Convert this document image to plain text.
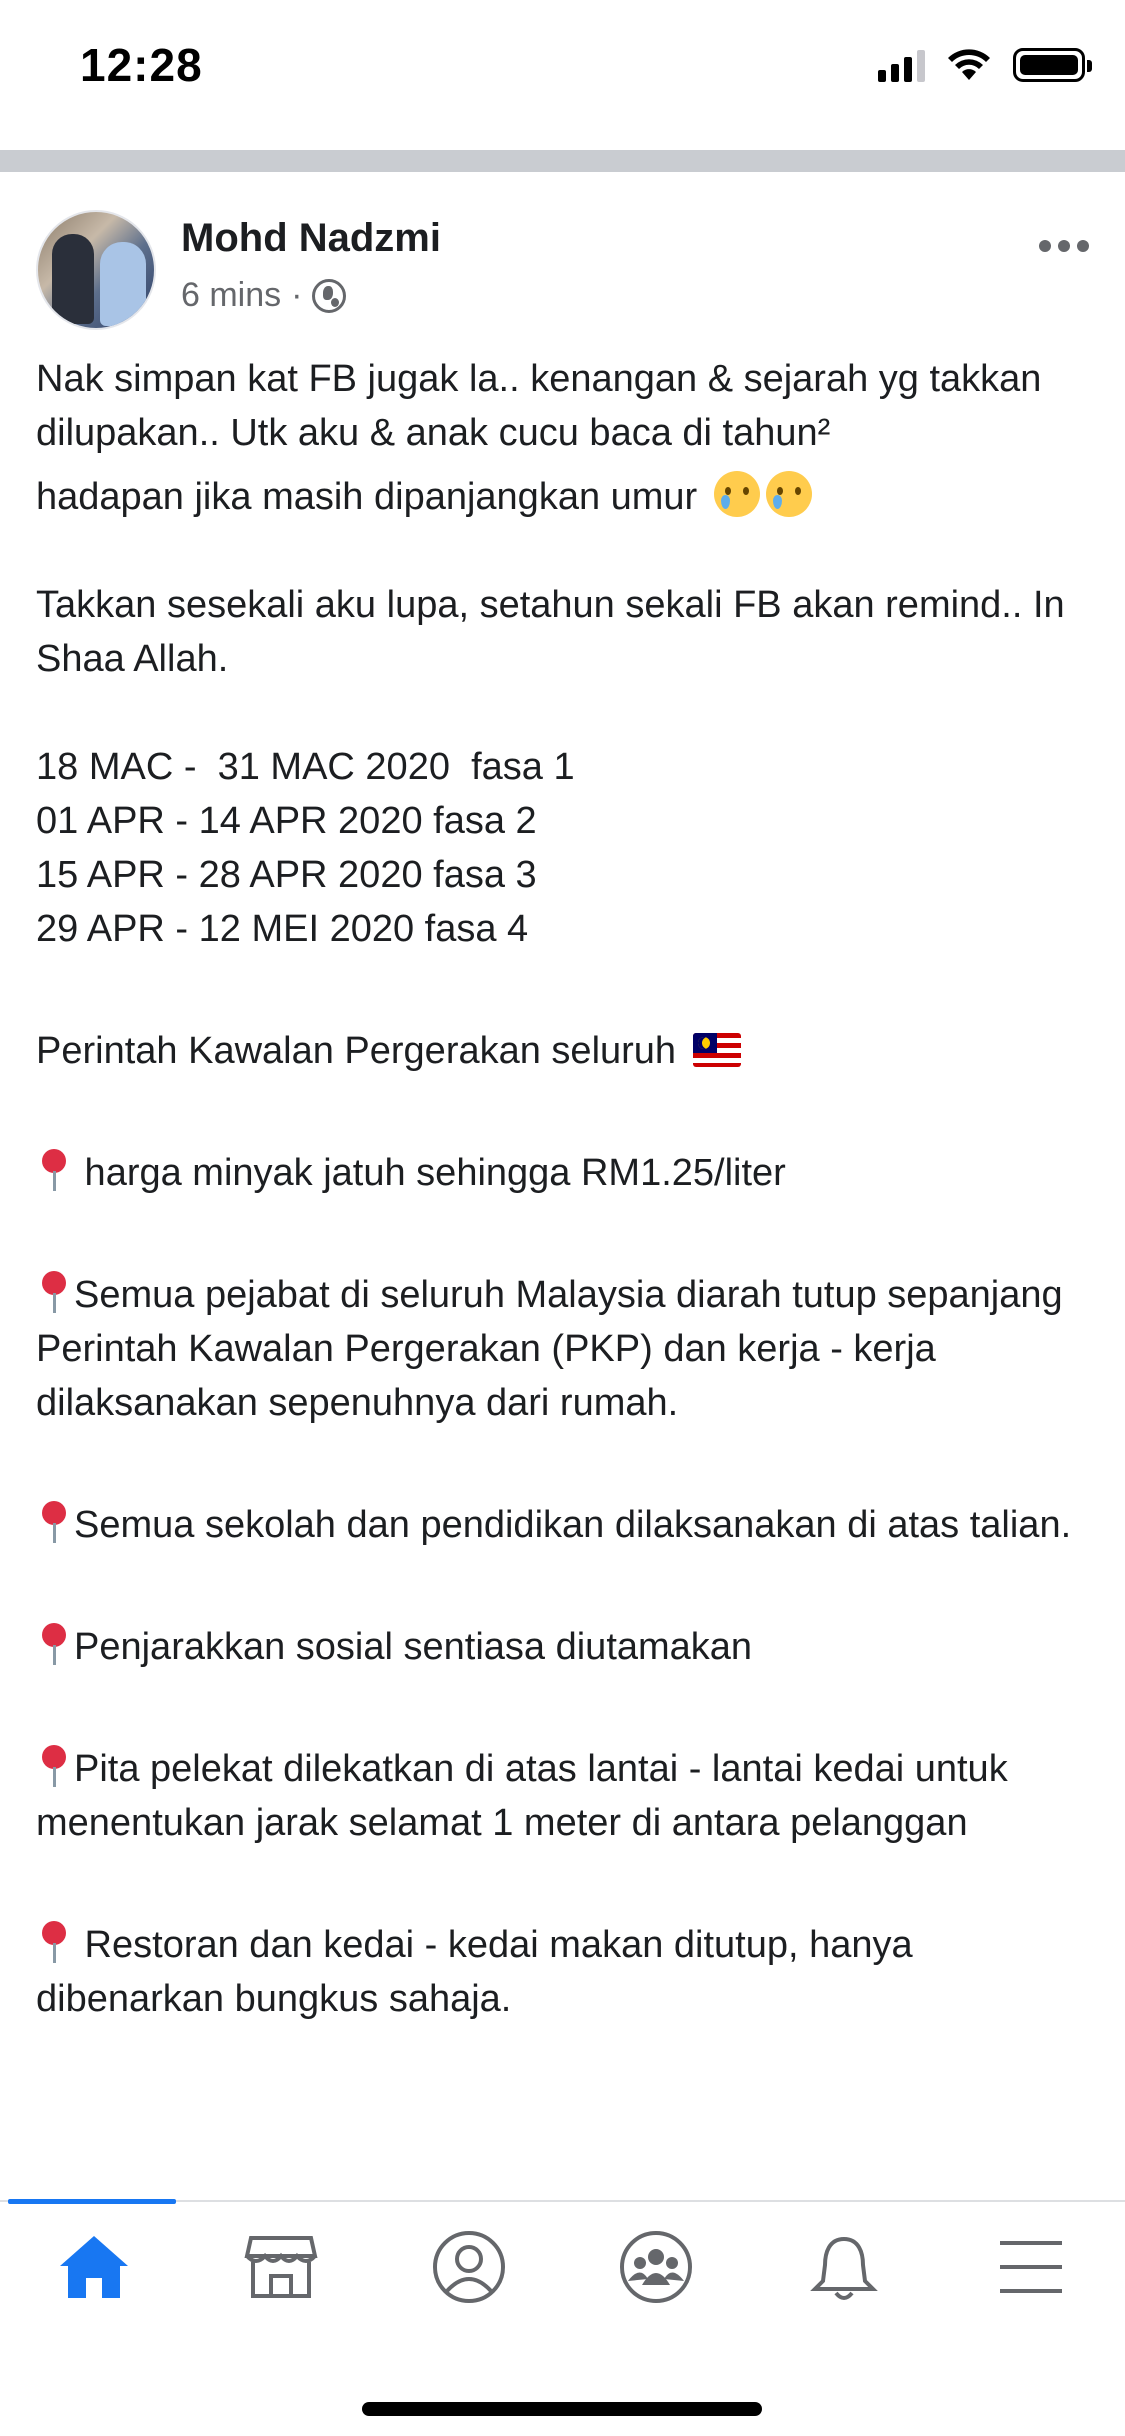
12:28
Mohd Nadzmi
6 mins ·

Nak simpan kat FB jugak la.. kenangan & sejarah yg takkan dilupakan.. Utk aku & anak cucu baca di tahun²

hadapan jika masih dipanjangkan umur

Takkan sesekali aku lupa, setahun sekali FB akan remind.. In Shaa Allah.

18 MAC -  31 MAC 2020  fasa 1

01 APR - 14 APR 2020 fasa 2

15 APR - 28 APR 2020 fasa 3

29 APR - 12 MEI 2020 fasa 4

Perintah Kawalan Pergerakan seluruh

harga minyak jatuh sehingga RM1.25/liter

Semua pejabat di seluruh Malaysia diarah tutup sepanjang Perintah Kawalan Pergerakan (PKP) dan kerja - kerja dilaksanakan sepenuhnya dari rumah.

Semua sekolah dan pendidikan dilaksanakan di atas talian.

Penjarakkan sosial sentiasa diutamakan

Pita pelekat dilekatkan di atas lantai - lantai kedai untuk menentukan jarak selamat 1 meter di antara pelanggan

Restoran dan kedai - kedai makan ditutup, hanya dibenarkan bungkus sahaja.
